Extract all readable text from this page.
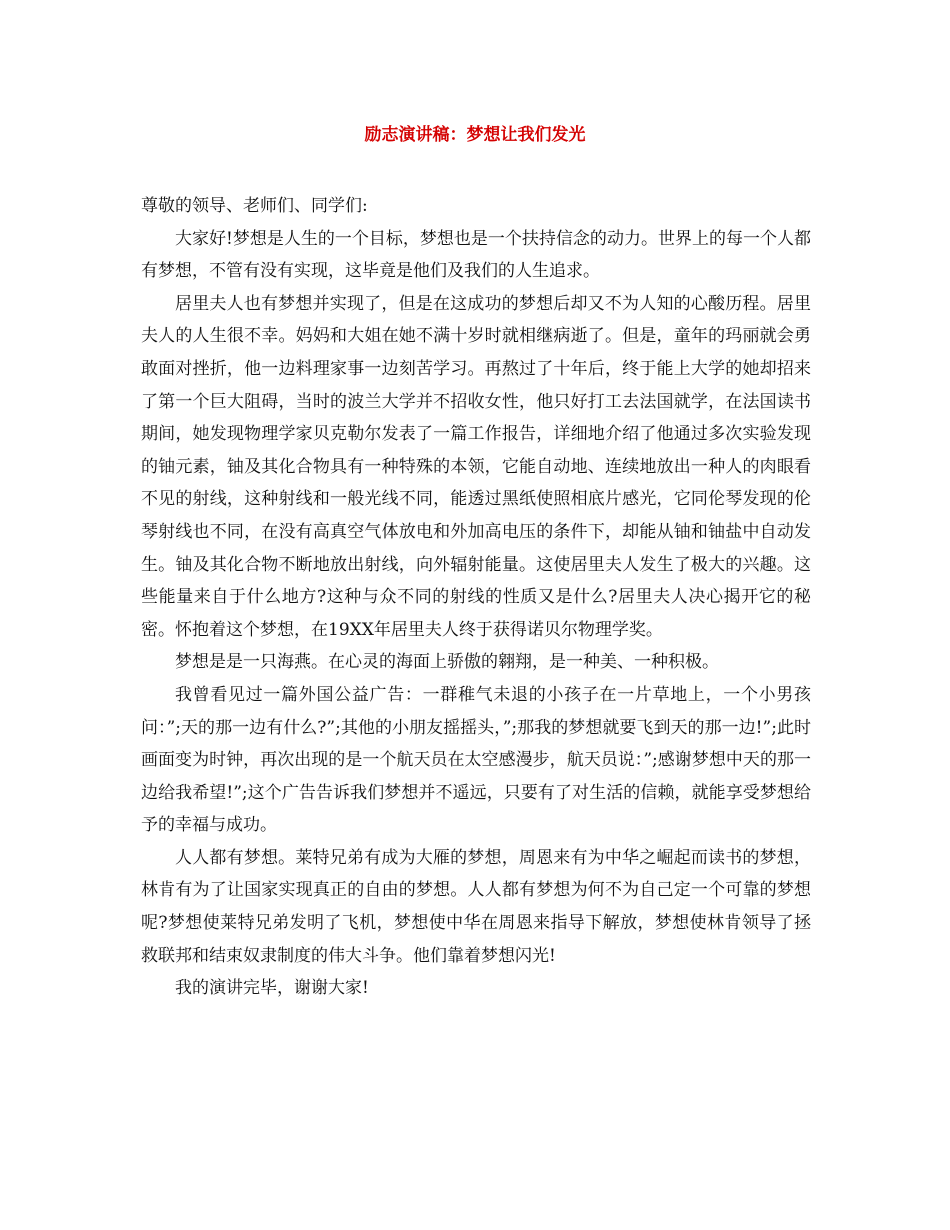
励志演讲稿：梦想让我们发光

尊敬的领导、老师们、同学们:

大家好!梦想是人生的一个目标，梦想也是一个扶持信念的动力。世界上的每一个人都有梦想，不管有没有实现，这毕竟是他们及我们的人生追求。

居里夫人也有梦想并实现了，但是在这成功的梦想后却又不为人知的心酸历程。居里夫人的人生很不幸。妈妈和大姐在她不满十岁时就相继病逝了。但是，童年的玛丽就会勇敢面对挫折，他一边料理家事一边刻苦学习。再熬过了十年后，终于能上大学的她却招来了第一个巨大阻碍，当时的波兰大学并不招收女性，他只好打工去法国就学，在法国读书期间，她发现物理学家贝克勒尔发表了一篇工作报告，详细地介绍了他通过多次实验发现的铀元素，铀及其化合物具有一种特殊的本领，它能自动地、连续地放出一种人的肉眼看不见的射线，这种射线和一般光线不同，能透过黑纸使照相底片感光，它同伦琴发现的伦琴射线也不同，在没有高真空气体放电和外加高电压的条件下，却能从铀和铀盐中自动发生。铀及其化合物不断地放出射线，向外辐射能量。这使居里夫人发生了极大的兴趣。这些能量来自于什么地方?这种与众不同的射线的性质又是什么?居里夫人决心揭开它的秘密。怀抱着这个梦想，在19XX年居里夫人终于获得诺贝尔物理学奖。

梦想是是一只海燕。在心灵的海面上骄傲的翱翔，是一种美、一种积极。

我曾看见过一篇外国公益广告：一群稚气未退的小孩子在一片草地上，一个小男孩问：”;天的那一边有什么?”;其他的小朋友摇摇头，”;那我的梦想就要飞到天的那一边!”;此时画面变为时钟，再次出现的是一个航天员在太空感漫步，航天员说：”;感谢梦想中天的那一边给我希望!”;这个广告告诉我们梦想并不遥远，只要有了对生活的信赖，就能享受梦想给予的幸福与成功。

人人都有梦想。莱特兄弟有成为大雁的梦想，周恩来有为中华之崛起而读书的梦想，林肯有为了让国家实现真正的自由的梦想。人人都有梦想为何不为自己定一个可靠的梦想呢?梦想使莱特兄弟发明了飞机，梦想使中华在周恩来指导下解放，梦想使林肯领导了拯救联邦和结束奴隶制度的伟大斗争。他们靠着梦想闪光!

我的演讲完毕，谢谢大家!
